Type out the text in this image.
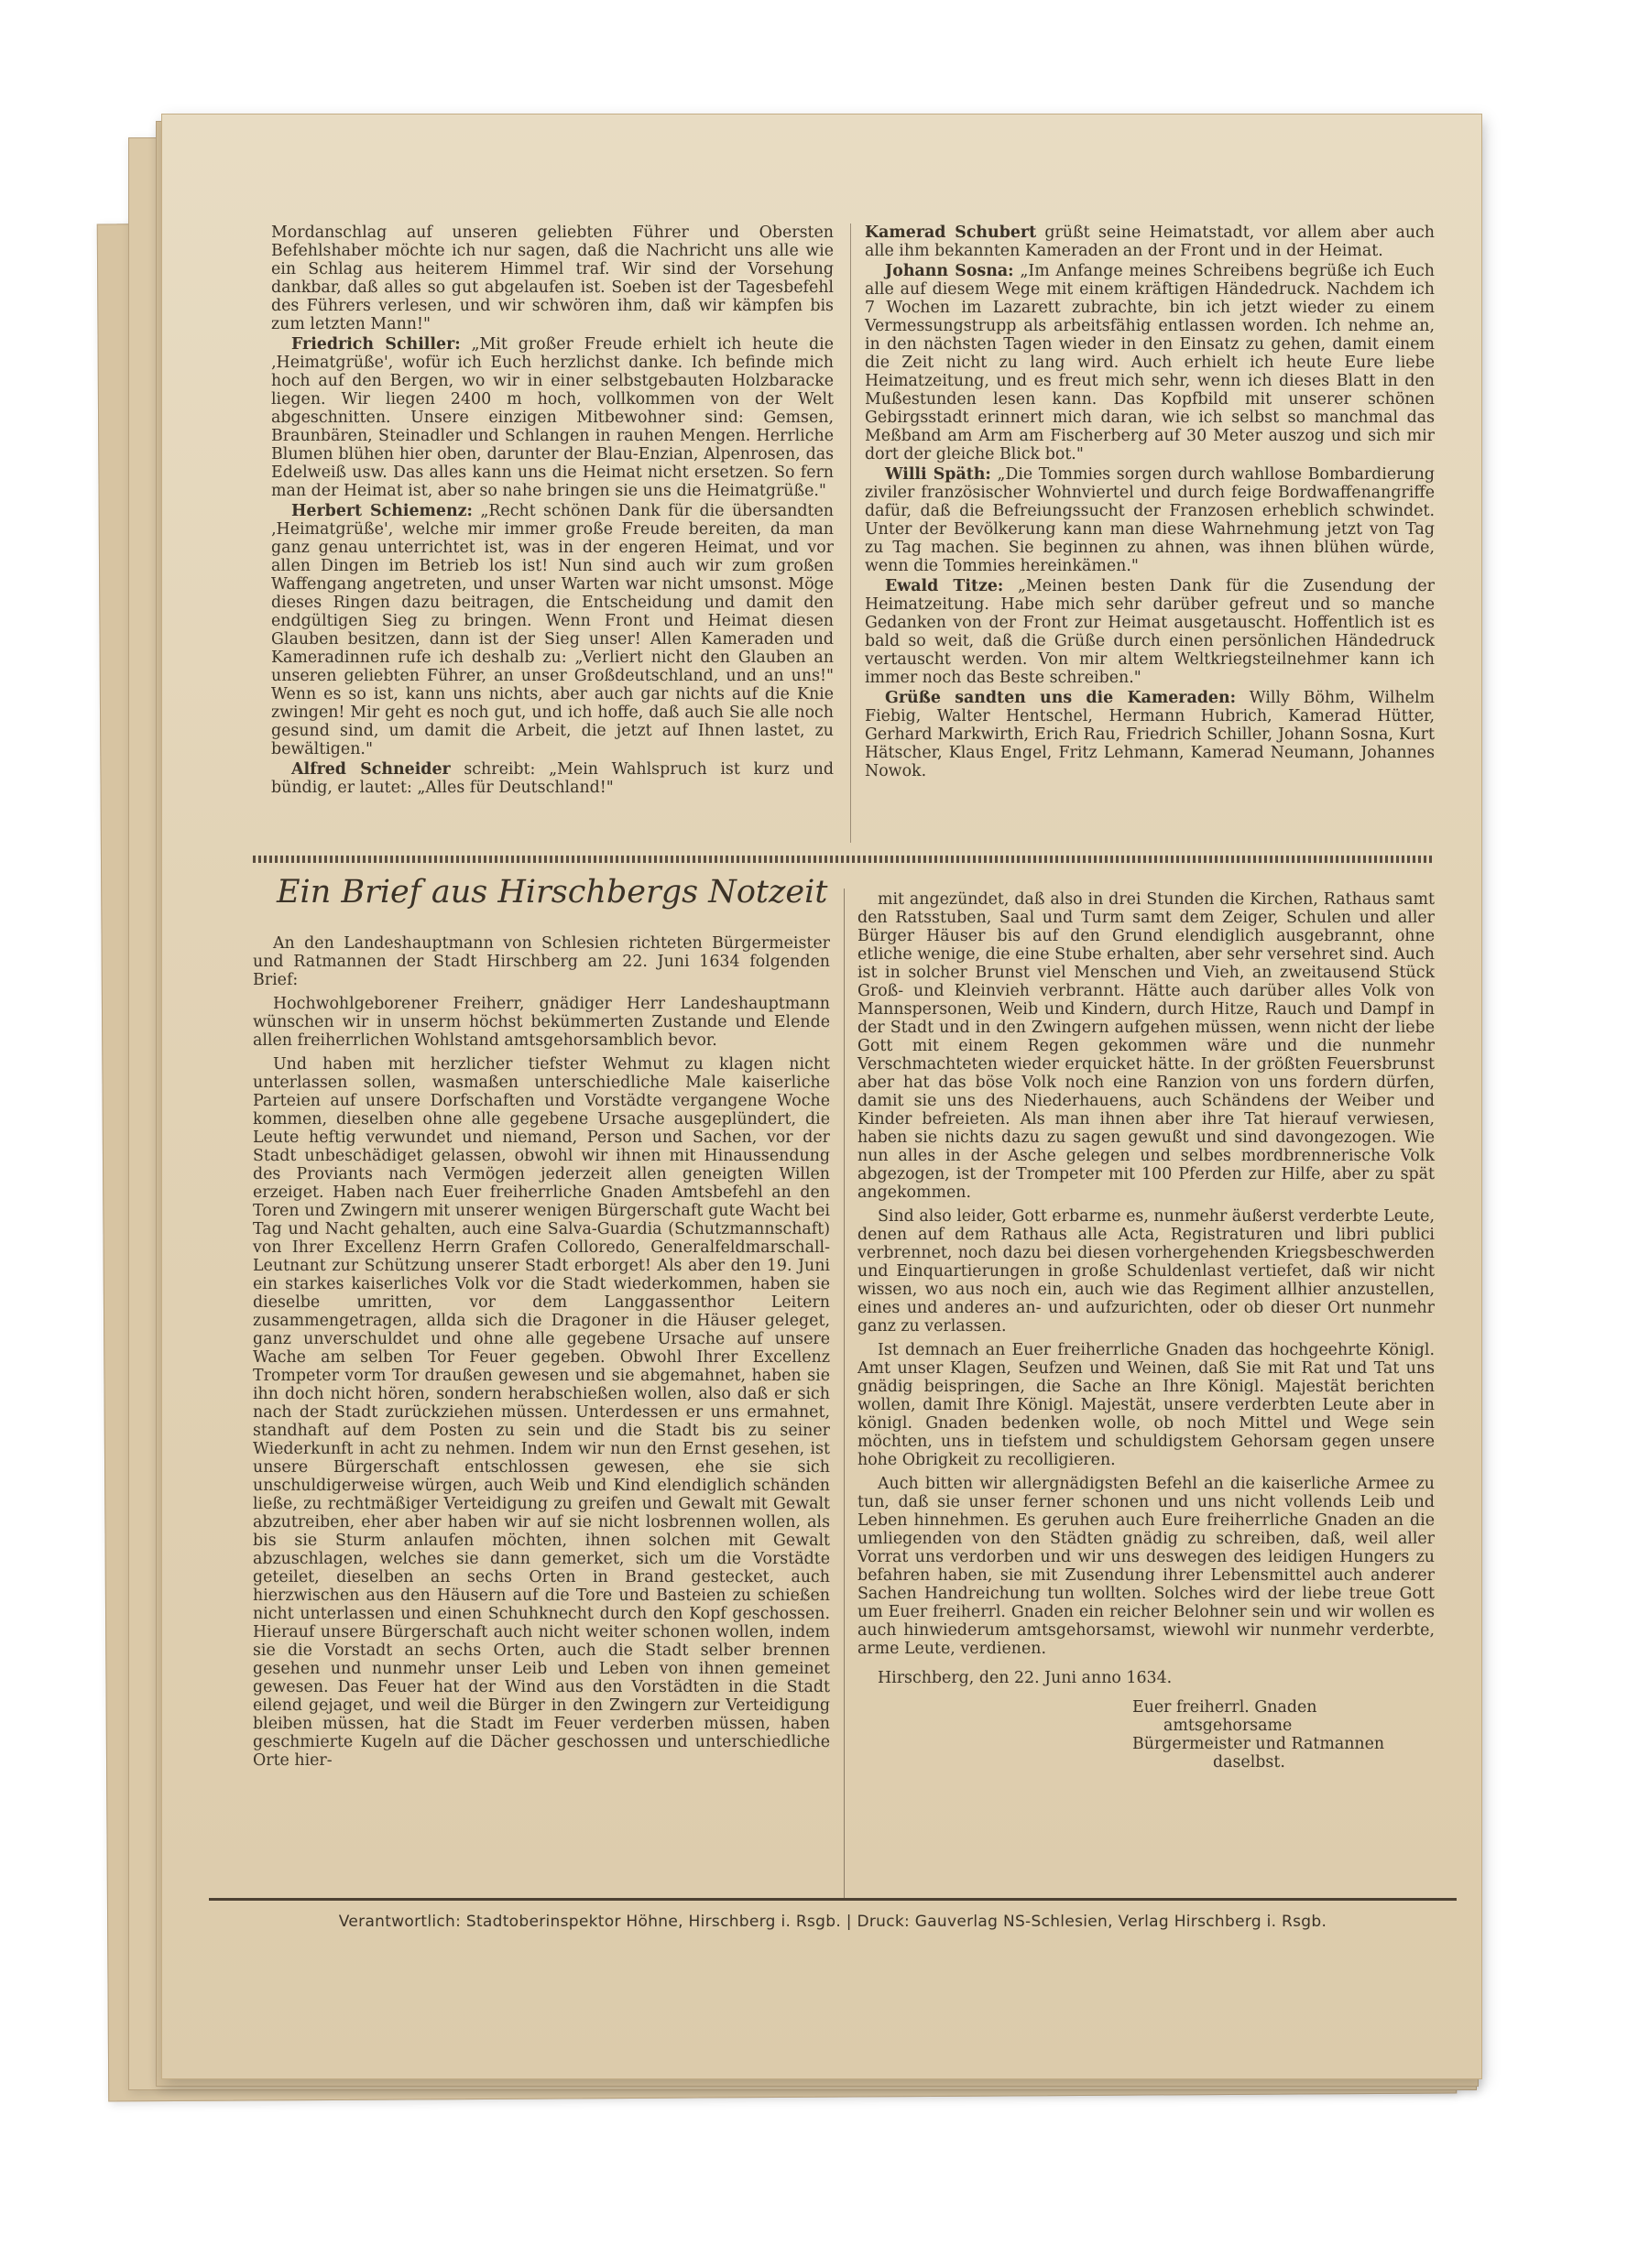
Mordanschlag auf unseren geliebten Führer und Obersten Befehlshaber möchte ich nur sagen, daß die Nachricht uns alle wie ein Schlag aus heiterem Himmel traf. Wir sind der Vorsehung dankbar, daß alles so gut abgelaufen ist. Soeben ist der Tagesbefehl des Führers verlesen, und wir schwören ihm, daß wir kämpfen bis zum letzten Mann!"

Friedrich Schiller: „Mit großer Freude erhielt ich heute die ‚Heimatgrüße', wofür ich Euch herzlichst danke. Ich befinde mich hoch auf den Bergen, wo wir in einer selbstgebauten Holzbaracke liegen. Wir liegen 2400 m hoch, vollkommen von der Welt abgeschnitten. Unsere einzigen Mitbewohner sind: Gemsen, Braunbären, Steinadler und Schlangen in rauhen Mengen. Herrliche Blumen blühen hier oben, darunter der Blau-Enzian, Alpenrosen, das Edelweiß usw. Das alles kann uns die Heimat nicht ersetzen. So fern man der Heimat ist, aber so nahe bringen sie uns die Heimatgrüße."

Herbert Schiemenz: „Recht schönen Dank für die übersandten ‚Heimatgrüße', welche mir immer große Freude bereiten, da man ganz genau unterrichtet ist, was in der engeren Heimat, und vor allen Dingen im Betrieb los ist! Nun sind auch wir zum großen Waffengang angetreten, und unser Warten war nicht umsonst. Möge dieses Ringen dazu beitragen, die Entscheidung und damit den endgültigen Sieg zu bringen. Wenn Front und Heimat diesen Glauben besitzen, dann ist der Sieg unser! Allen Kameraden und Kameradinnen rufe ich deshalb zu: „Verliert nicht den Glauben an unseren geliebten Führer, an unser Großdeutschland, und an uns!" Wenn es so ist, kann uns nichts, aber auch gar nichts auf die Knie zwingen! Mir geht es noch gut, und ich hoffe, daß auch Sie alle noch gesund sind, um damit die Arbeit, die jetzt auf Ihnen lastet, zu bewältigen."

Alfred Schneider schreibt: „Mein Wahlspruch ist kurz und bündig, er lautet: „Alles für Deutschland!"

Kamerad Schubert grüßt seine Heimatstadt, vor allem aber auch alle ihm bekannten Kameraden an der Front und in der Heimat.

Johann Sosna: „Im Anfange meines Schreibens begrüße ich Euch alle auf diesem Wege mit einem kräftigen Händedruck. Nachdem ich 7 Wochen im Lazarett zubrachte, bin ich jetzt wieder zu einem Vermessungstrupp als arbeitsfähig entlassen worden. Ich nehme an, in den nächsten Tagen wieder in den Einsatz zu gehen, damit einem die Zeit nicht zu lang wird. Auch erhielt ich heute Eure liebe Heimatzeitung, und es freut mich sehr, wenn ich dieses Blatt in den Mußestunden lesen kann. Das Kopfbild mit unserer schönen Gebirgsstadt erinnert mich daran, wie ich selbst so manchmal das Meßband am Arm am Fischerberg auf 30 Meter auszog und sich mir dort der gleiche Blick bot."

Willi Späth: „Die Tommies sorgen durch wahllose Bombardierung ziviler französischer Wohnviertel und durch feige Bordwaffenangriffe dafür, daß die Befreiungssucht der Franzosen erheblich schwindet. Unter der Bevölkerung kann man diese Wahrnehmung jetzt von Tag zu Tag machen. Sie beginnen zu ahnen, was ihnen blühen würde, wenn die Tommies hereinkämen."

Ewald Titze: „Meinen besten Dank für die Zusendung der Heimatzeitung. Habe mich sehr darüber gefreut und so manche Gedanken von der Front zur Heimat ausgetauscht. Hoffentlich ist es bald so weit, daß die Grüße durch einen persönlichen Händedruck vertauscht werden. Von mir altem Weltkriegsteilnehmer kann ich immer noch das Beste schreiben."

Grüße sandten uns die Kameraden: Willy Böhm, Wilhelm Fiebig, Walter Hentschel, Hermann Hubrich, Kamerad Hütter, Gerhard Markwirth, Erich Rau, Friedrich Schiller, Johann Sosna, Kurt Hätscher, Klaus Engel, Fritz Lehmann, Kamerad Neumann, Johannes Nowok.

Ein Brief aus Hirschbergs Notzeit

An den Landeshauptmann von Schlesien richteten Bürgermeister und Ratmannen der Stadt Hirschberg am 22. Juni 1634 folgenden Brief:

Hochwohlgeborener Freiherr, gnädiger Herr Landeshauptmann wünschen wir in unserm höchst bekümmerten Zustande und Elende allen freiherrlichen Wohlstand amtsgehorsamblich bevor.

Und haben mit herzlicher tiefster Wehmut zu klagen nicht unterlassen sollen, wasmaßen unterschiedliche Male kaiserliche Parteien auf unsere Dorfschaften und Vorstädte vergangene Woche kommen, dieselben ohne alle gegebene Ursache ausgeplündert, die Leute heftig verwundet und niemand, Person und Sachen, vor der Stadt unbeschädiget gelassen, obwohl wir ihnen mit Hinaussendung des Proviants nach Vermögen jederzeit allen geneigten Willen erzeiget. Haben nach Euer freiherrliche Gnaden Amtsbefehl an den Toren und Zwingern mit unserer wenigen Bürgerschaft gute Wacht bei Tag und Nacht gehalten, auch eine Salva-Guardia (Schutzmannschaft) von Ihrer Excellenz Herrn Grafen Colloredo, Generalfeldmarschall-Leutnant zur Schützung unserer Stadt erborget! Als aber den 19. Juni ein starkes kaiserliches Volk vor die Stadt wiederkommen, haben sie dieselbe umritten, vor dem Langgassenthor Leitern zusammengetragen, allda sich die Dragoner in die Häuser geleget, ganz unverschuldet und ohne alle gegebene Ursache auf unsere Wache am selben Tor Feuer gegeben. Obwohl Ihrer Excellenz Trompeter vorm Tor draußen gewesen und sie abgemahnet, haben sie ihn doch nicht hören, sondern herabschießen wollen, also daß er sich nach der Stadt zurückziehen müssen. Unterdessen er uns ermahnet, standhaft auf dem Posten zu sein und die Stadt bis zu seiner Wiederkunft in acht zu nehmen. Indem wir nun den Ernst gesehen, ist unsere Bürgerschaft entschlossen gewesen, ehe sie sich unschuldigerweise würgen, auch Weib und Kind elendiglich schänden ließe, zu rechtmäßiger Verteidigung zu greifen und Gewalt mit Gewalt abzutreiben, eher aber haben wir auf sie nicht losbrennen wollen, als bis sie Sturm anlaufen möchten, ihnen solchen mit Gewalt abzuschlagen, welches sie dann gemerket, sich um die Vorstädte geteilet, dieselben an sechs Orten in Brand gestecket, auch hierzwischen aus den Häusern auf die Tore und Basteien zu schießen nicht unterlassen und einen Schuhknecht durch den Kopf geschossen. Hierauf unsere Bürgerschaft auch nicht weiter schonen wollen, indem sie die Vorstadt an sechs Orten, auch die Stadt selber brennen gesehen und nunmehr unser Leib und Leben von ihnen gemeinet gewesen. Das Feuer hat der Wind aus den Vorstädten in die Stadt eilend gejaget, und weil die Bürger in den Zwingern zur Verteidigung bleiben müssen, hat die Stadt im Feuer verderben müssen, haben geschmierte Kugeln auf die Dächer geschossen und unterschiedliche Orte hier-

mit angezündet, daß also in drei Stunden die Kirchen, Rathaus samt den Ratsstuben, Saal und Turm samt dem Zeiger, Schulen und aller Bürger Häuser bis auf den Grund elendiglich ausgebrannt, ohne etliche wenige, die eine Stube erhalten, aber sehr versehret sind. Auch ist in solcher Brunst viel Menschen und Vieh, an zweitausend Stück Groß- und Kleinvieh verbrannt. Hätte auch darüber alles Volk von Mannspersonen, Weib und Kindern, durch Hitze, Rauch und Dampf in der Stadt und in den Zwingern aufgehen müssen, wenn nicht der liebe Gott mit einem Regen gekommen wäre und die nunmehr Verschmachteten wieder erquicket hätte. In der größten Feuersbrunst aber hat das böse Volk noch eine Ranzion von uns fordern dürfen, damit sie uns des Niederhauens, auch Schändens der Weiber und Kinder befreieten. Als man ihnen aber ihre Tat hierauf verwiesen, haben sie nichts dazu zu sagen gewußt und sind davongezogen. Wie nun alles in der Asche gelegen und selbes mordbrennerische Volk abgezogen, ist der Trompeter mit 100 Pferden zur Hilfe, aber zu spät angekommen.

Sind also leider, Gott erbarme es, nunmehr äußerst verderbte Leute, denen auf dem Rathaus alle Acta, Registraturen und libri publici verbrennet, noch dazu bei diesen vorhergehenden Kriegsbeschwerden und Einquartierungen in große Schuldenlast vertiefet, daß wir nicht wissen, wo aus noch ein, auch wie das Regiment allhier anzustellen, eines und anderes an- und aufzurichten, oder ob dieser Ort nunmehr ganz zu verlassen.

Ist demnach an Euer freiherrliche Gnaden das hochgeehrte Königl. Amt unser Klagen, Seufzen und Weinen, daß Sie mit Rat und Tat uns gnädig beispringen, die Sache an Ihre Königl. Majestät berichten wollen, damit Ihre Königl. Majestät, unsere verderbten Leute aber in königl. Gnaden bedenken wolle, ob noch Mittel und Wege sein möchten, uns in tiefstem und schuldigstem Gehorsam gegen unsere hohe Obrigkeit zu recolligieren.

Auch bitten wir allergnädigsten Befehl an die kaiserliche Armee zu tun, daß sie unser ferner schonen und uns nicht vollends Leib und Leben hinnehmen. Es geruhen auch Eure freiherrliche Gnaden an die umliegenden von den Städten gnädig zu schreiben, daß, weil aller Vorrat uns verdorben und wir uns deswegen des leidigen Hungers zu befahren haben, sie mit Zusendung ihrer Lebensmittel auch anderer Sachen Handreichung tun wollten. Solches wird der liebe treue Gott um Euer freiherrl. Gnaden ein reicher Belohner sein und wir wollen es auch hinwiederum amtsgehorsamst, wiewohl wir nunmehr verderbte, arme Leute, verdienen.

Hirschberg, den 22. Juni anno 1634.

Euer freiherrl. Gnaden
amtsgehorsame
Bürgermeister und Ratmannen
daselbst.
Verantwortlich: Stadtoberinspektor Höhne, Hirschberg i. Rsgb. | Druck: Gauverlag NS-Schlesien, Verlag Hirschberg i. Rsgb.
